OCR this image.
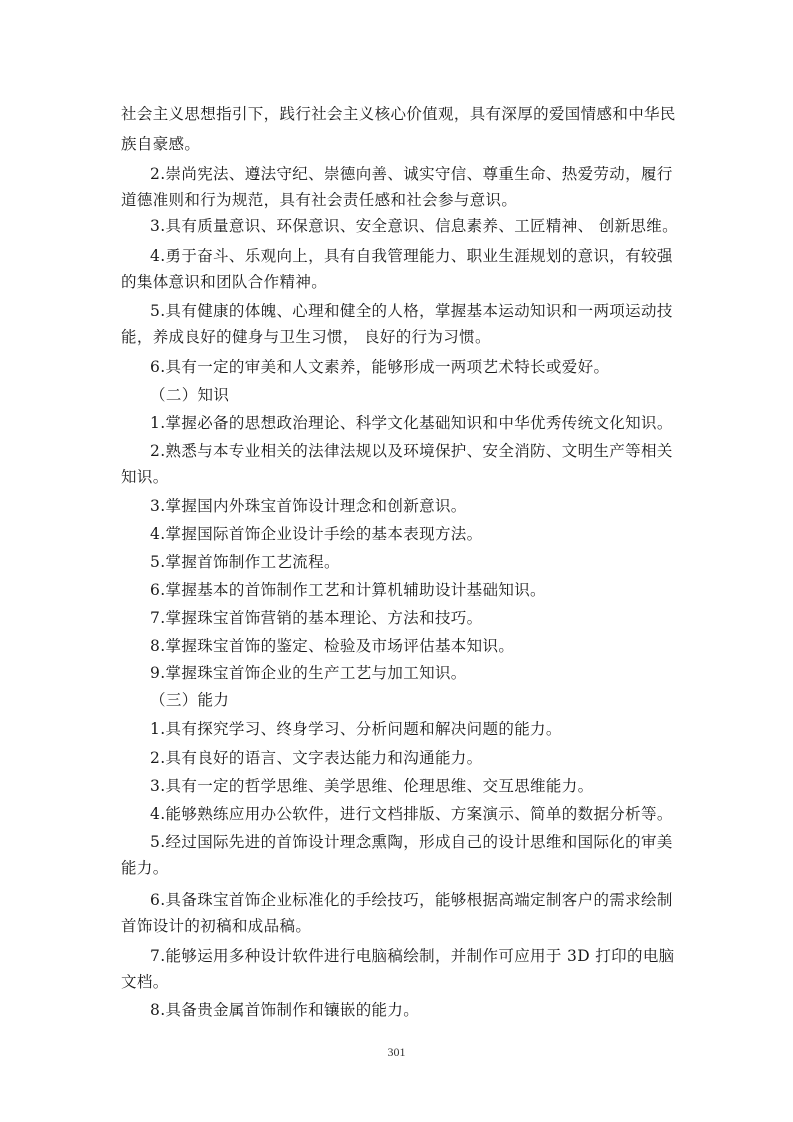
社会主义思想指引下，践行社会主义核心价值观，具有深厚的爱国情感和中华民
族自豪感。
2.崇尚宪法、遵法守纪、崇德向善、诚实守信、尊重生命、热爱劳动，履行
道德准则和行为规范，具有社会责任感和社会参与意识。
3.具有质量意识、环保意识、安全意识、信息素养、工匠精神、 创新思维。
4.勇于奋斗、乐观向上，具有自我管理能力、职业生涯规划的意识，有较强
的集体意识和团队合作精神。
5.具有健康的体魄、心理和健全的人格，掌握基本运动知识和一两项运动技
能，养成良好的健身与卫生习惯， 良好的行为习惯。
6.具有一定的审美和人文素养，能够形成一两项艺术特长或爱好。
（二）知识
1.掌握必备的思想政治理论、科学文化基础知识和中华优秀传统文化知识。
2.熟悉与本专业相关的法律法规以及环境保护、安全消防、文明生产等相关
知识。
3.掌握国内外珠宝首饰设计理念和创新意识。
4.掌握国际首饰企业设计手绘的基本表现方法。
5.掌握首饰制作工艺流程。
6.掌握基本的首饰制作工艺和计算机辅助设计基础知识。
7.掌握珠宝首饰营销的基本理论、方法和技巧。
8.掌握珠宝首饰的鉴定、检验及市场评估基本知识。
9.掌握珠宝首饰企业的生产工艺与加工知识。
（三）能力
1.具有探究学习、终身学习、分析问题和解决问题的能力。
2.具有良好的语言、文字表达能力和沟通能力。
3.具有一定的哲学思维、美学思维、伦理思维、交互思维能力。
4.能够熟练应用办公软件，进行文档排版、方案演示、简单的数据分析等。
5.经过国际先进的首饰设计理念熏陶，形成自己的设计思维和国际化的审美
能力。
6.具备珠宝首饰企业标准化的手绘技巧，能够根据高端定制客户的需求绘制
首饰设计的初稿和成品稿。
7.能够运用多种设计软件进行电脑稿绘制，并制作可应用于 3D 打印的电脑
文档。
8.具备贵金属首饰制作和镶嵌的能力。
301
